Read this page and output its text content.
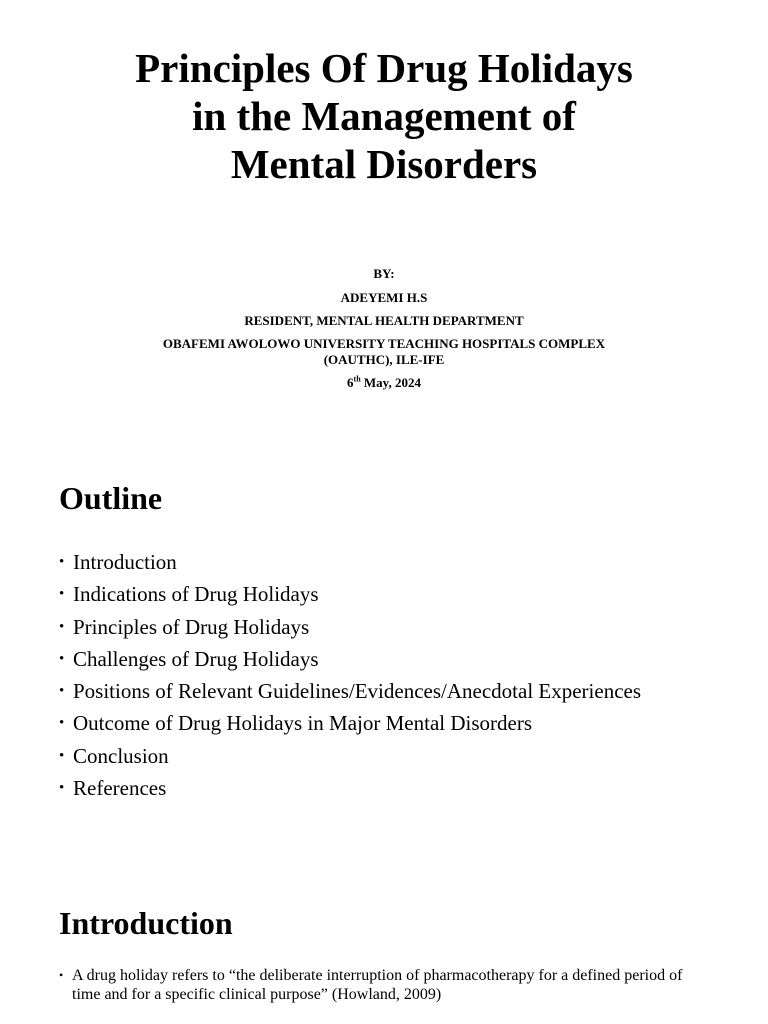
Principles Of Drug Holidays
in the Management of
Mental Disorders
BY:
ADEYEMI H.S
RESIDENT, MENTAL HEALTH DEPARTMENT
OBAFEMI AWOLOWO UNIVERSITY TEACHING HOSPITALS COMPLEX
(OAUTHC), ILE-IFE
6th May, 2024
Outline
• Introduction
• Indications of Drug Holidays
• Principles of Drug Holidays
• Challenges of Drug Holidays
• Positions of Relevant Guidelines/Evidences/Anecdotal Experiences
• Outcome of Drug Holidays in Major Mental Disorders
• Conclusion
• References
Introduction
• A drug holiday refers to “the deliberate interruption of pharmacotherapy for a defined period of time and for a specific clinical purpose” (Howland, 2009)
